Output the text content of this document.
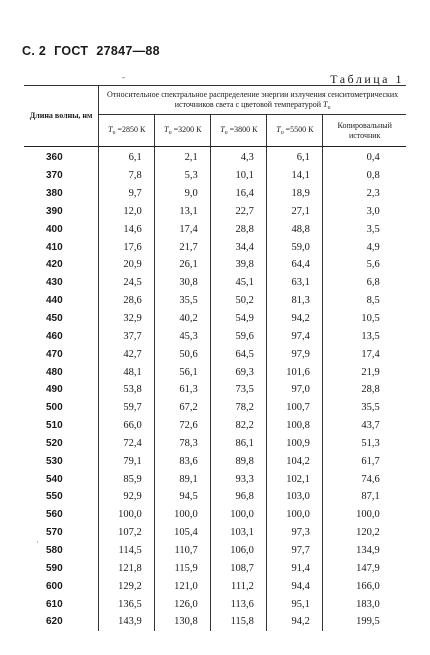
С. 2 ГОСТ 27847—88
-
·
Таблица 1
Длина волны, нм	Относительное спектральное распределение энергии излучения сенситометрических источников света с цветовой температурой $T_\upsilon$
	$T_\upsilon =2850$ К	$T_\upsilon =3200$ К	$T_\upsilon =3800$ К	$T_\upsilon =5500$ К	Копировальный источник
360	6,1	2,1	4,3	6,1	0,4
370	7,8	5,3	10,1	14,1	0,8
380	9,7	9,0	16,4	18,9	2,3
390	12,0	13,1	22,7	27,1	3,0
400	14,6	17,4	28,8	48,8	3,5
410	17,6	21,7	34,4	59,0	4,9
420	20,9	26,1	39,8	64,4	5,6
430	24,5	30,8	45,1	63,1	6,8
440	28,6	35,5	50,2	81,3	8,5
450	32,9	40,2	54,9	94,2	10,5
460	37,7	45,3	59,6	97,4	13,5
470	42,7	50,6	64,5	97,9	17,4
480	48,1	56,1	69,3	101,6	21,9
490	53,8	61,3	73,5	97,0	28,8
500	59,7	67,2	78,2	100,7	35,5
510	66,0	72,6	82,2	100,8	43,7
520	72,4	78,3	86,1	100,9	51,3
530	79,1	83,6	89,8	104,2	61,7
540	85,9	89,1	93,3	102,1	74,6
550	92,9	94,5	96,8	103,0	87,1
560	100,0	100,0	100,0	100,0	100,0
570	107,2	105,4	103,1	97,3	120,2
580	114,5	110,7	106,0	97,7	134,9
590	121,8	115,9	108,7	91,4	147,9
600	129,2	121,0	111,2	94,4	166,0
610	136,5	126,0	113,6	95,1	183,0
620	143,9	130,8	115,8	94,2	199,5
